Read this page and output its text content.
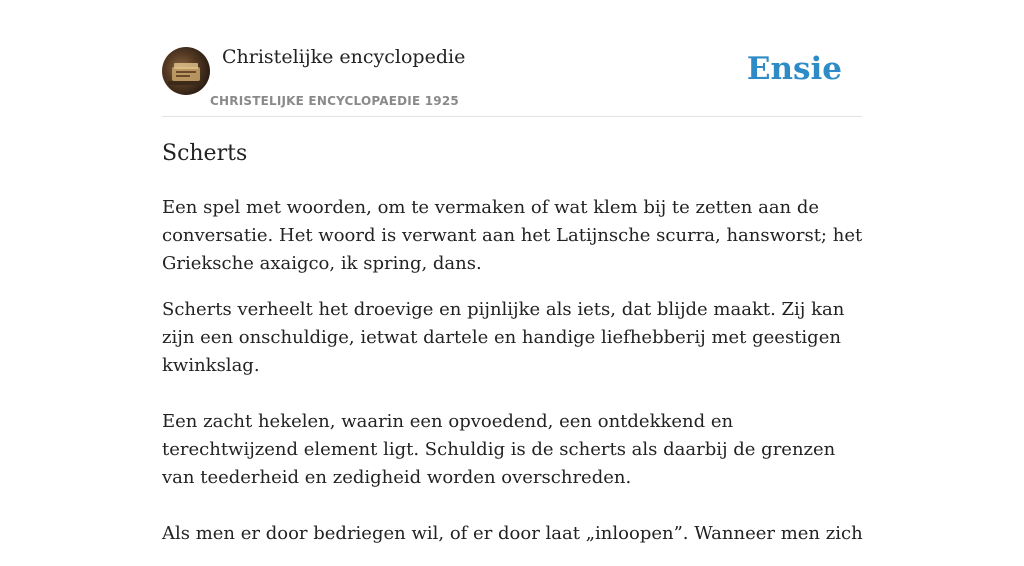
Christelijke encyclopedie
CHRISTELIJKE ENCYCLOPAEDIE 1925
Ensie
Scherts

Een spel met woorden, om te vermaken of wat klem bij te zetten aan de conversatie. Het woord is verwant aan het Latijnsche scurra, hansworst; het Grieksche axaigco, ik spring, dans.

Scherts verheelt het droevige en pijnlijke als iets, dat blijde maakt. Zij kan zijn een onschuldige, ietwat dartele en handige liefhebberij met geestigen kwinkslag.

Een zacht hekelen, waarin een opvoedend, een ontdekkend en terechtwijzend element ligt. Schuldig is de scherts als daarbij de grenzen van teederheid en zedigheid worden overschreden.

Als men er door bedriegen wil, of er door laat „inloopen”. Wanneer men zich
